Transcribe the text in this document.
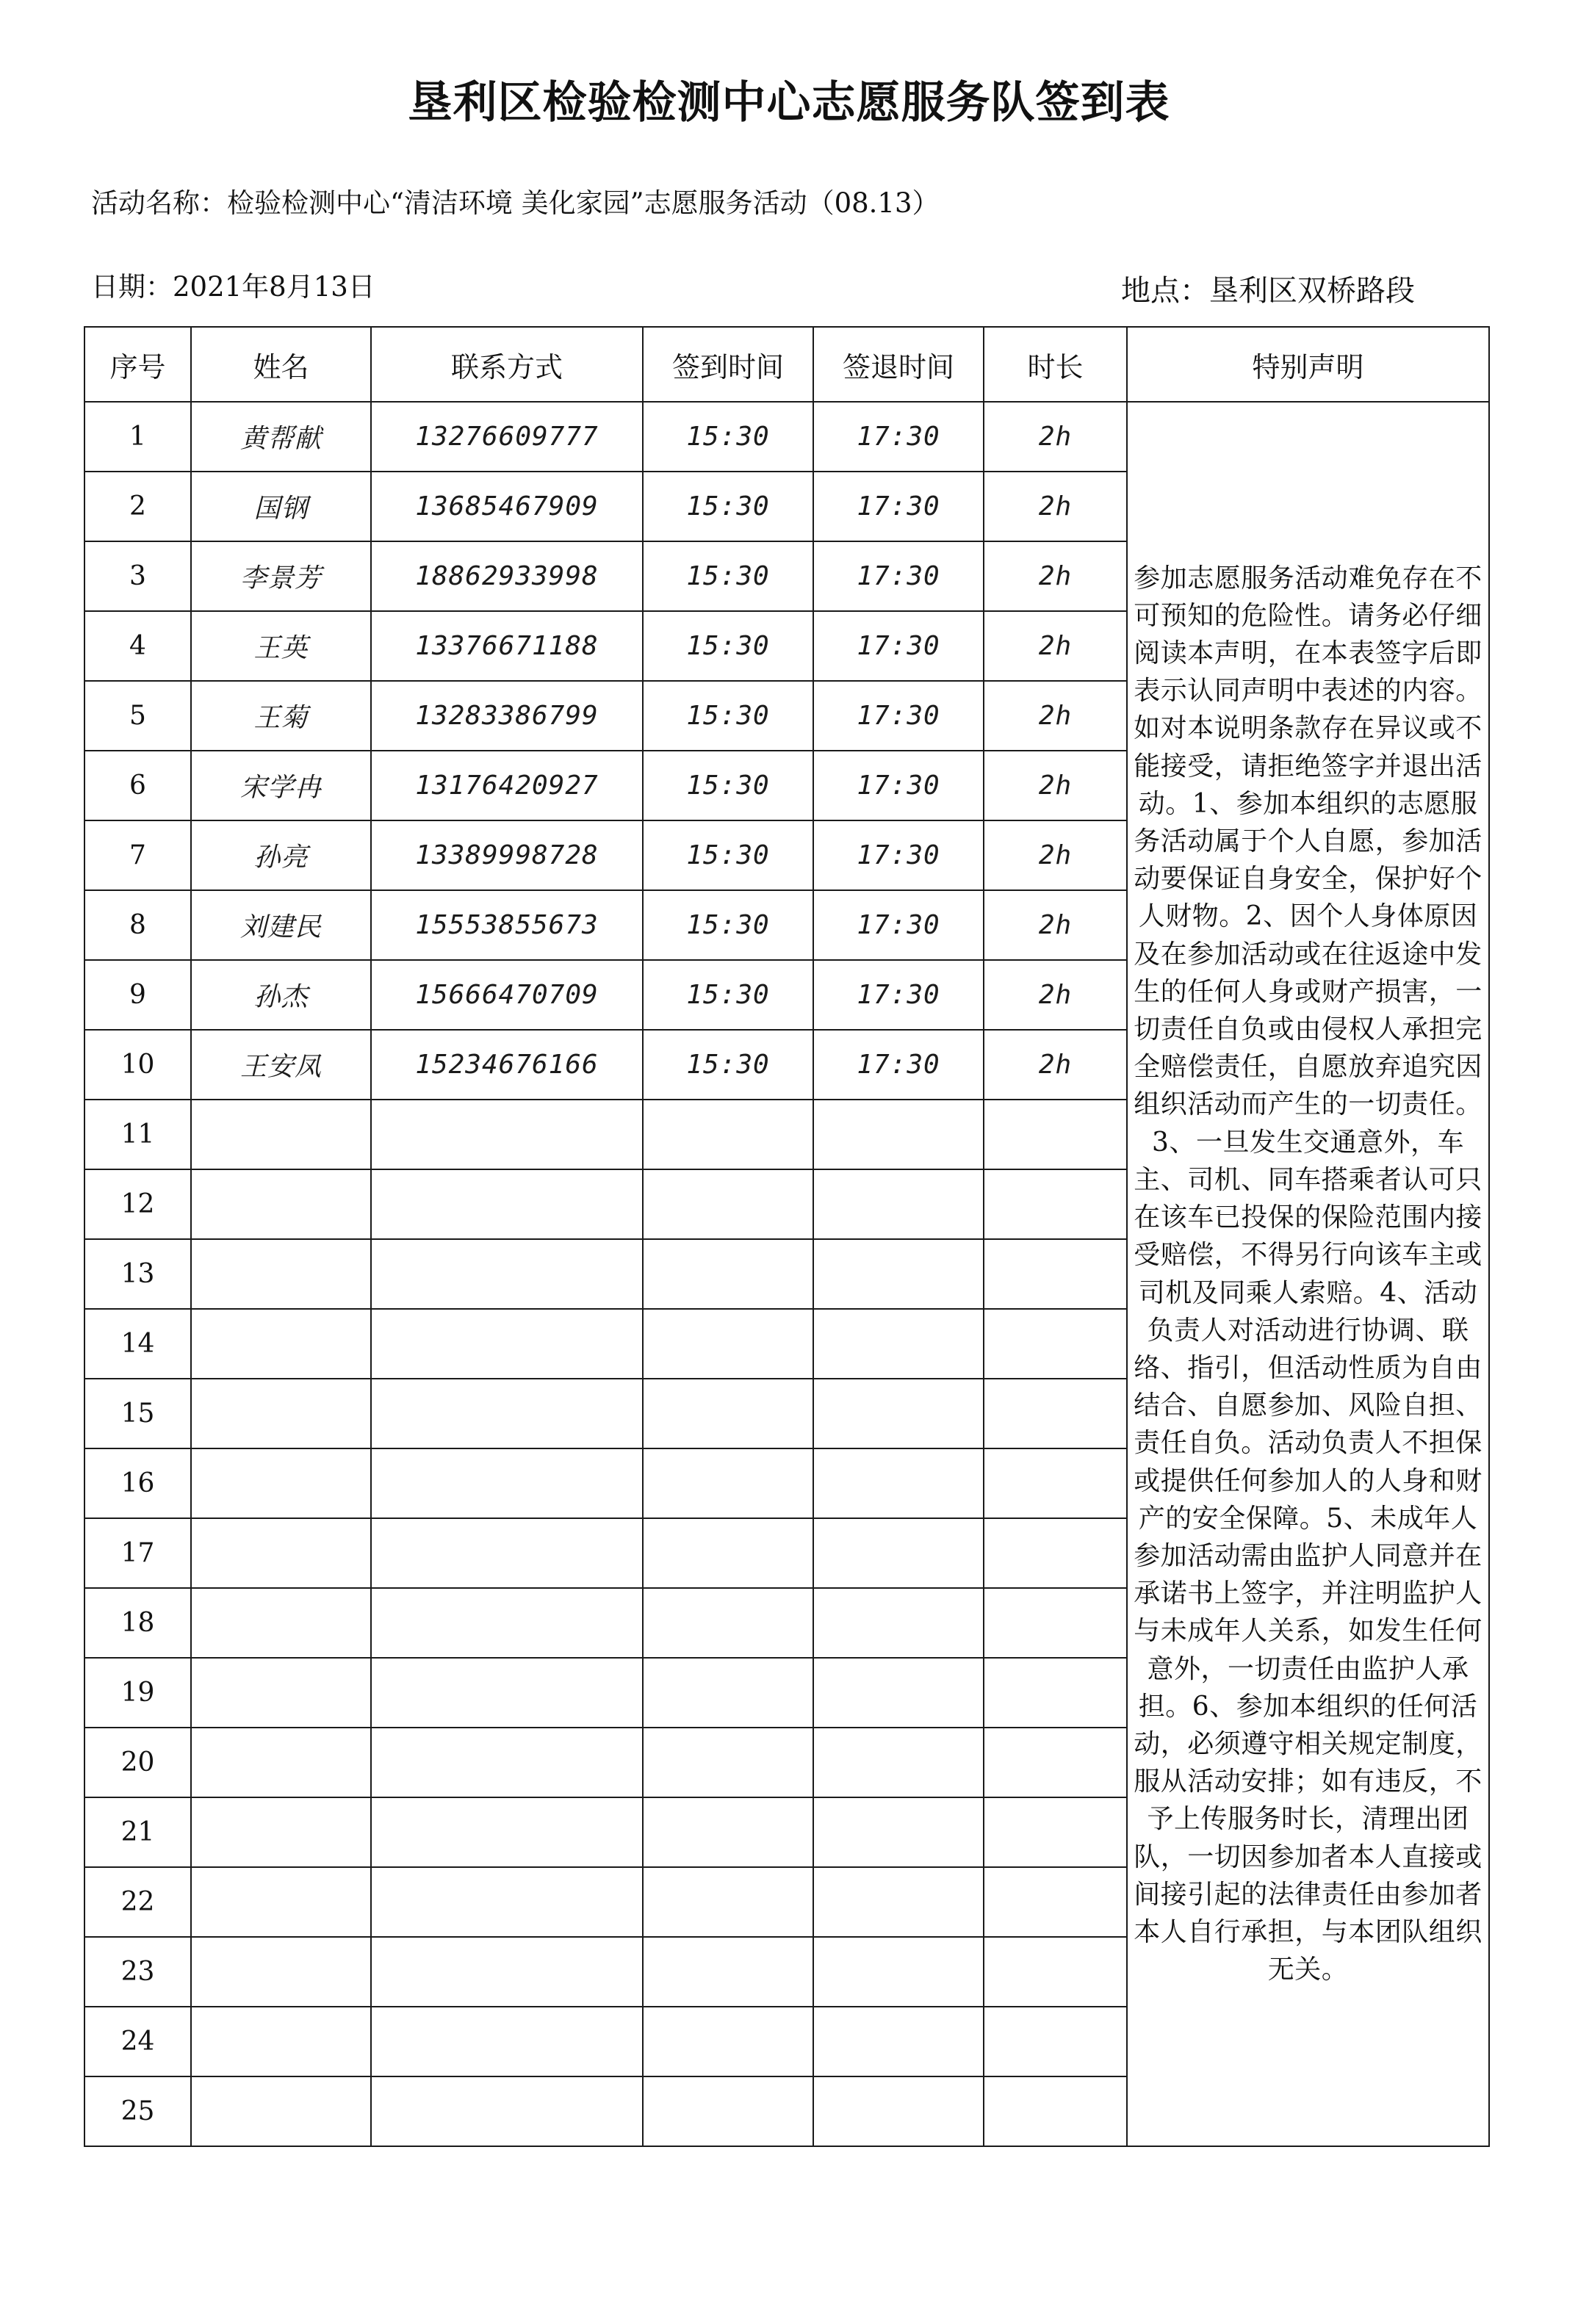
垦利区检验检测中心志愿服务队签到表
活动名称：检验检测中心“清洁环境 美化家园”志愿服务活动（08.13）
日期：2021年8月13日	地点：垦利区双桥路段
序号	姓名	联系方式	签到时间	签退时间	时长	特别声明
1	黄帮献	13276609777	15:30	17:30	2h	参加志愿服务活动难免存在不可预知的危险性。请务必仔细阅读本声明，在本表签字后即表示认同声明中表述的内容。如对本说明条款存在异议或不能接受，请拒绝签字并退出活动。1、参加本组织的志愿服务活动属于个人自愿，参加活动要保证自身安全，保护好个人财物。2、因个人身体原因及在参加活动或在往返途中发生的任何人身或财产损害，一切责任自负或由侵权人承担完全赔偿责任，自愿放弃追究因组织活动而产生的一切责任。3、一旦发生交通意外，车主、司机、同车搭乘者认可只在该车已投保的保险范围内接受赔偿，不得另行向该车主或司机及同乘人索赔。4、活动负责人对活动进行协调、联络、指引，但活动性质为自由结合、自愿参加、风险自担、责任自负。活动负责人不担保或提供任何参加人的人身和财产的安全保障。5、未成年人参加活动需由监护人同意并在承诺书上签字，并注明监护人与未成年人关系，如发生任何意外，一切责任由监护人承担。6、参加本组织的任何活动，必须遵守相关规定制度，服从活动安排；如有违反，不予上传服务时长，清理出团队，一切因参加者本人直接或间接引起的法律责任由参加者本人自行承担，与本团队组织无关。
2	国钢	13685467909	15:30	17:30	2h	
3	李景芳	18862933998	15:30	17:30	2h	
4	王英	13376671188	15:30	17:30	2h	
5	王菊	13283386799	15:30	17:30	2h	
6	宋学冉	13176420927	15:30	17:30	2h	
7	孙亮	13389998728	15:30	17:30	2h	
8	刘建民	15553855673	15:30	17:30	2h	
9	孙杰	15666470709	15:30	17:30	2h	
10	王安凤	15234676166	15:30	17:30	2h	
11						
12						
13						
14						
15						
16						
17						
18						
19						
20						
21						
22						
23						
24						
25						
